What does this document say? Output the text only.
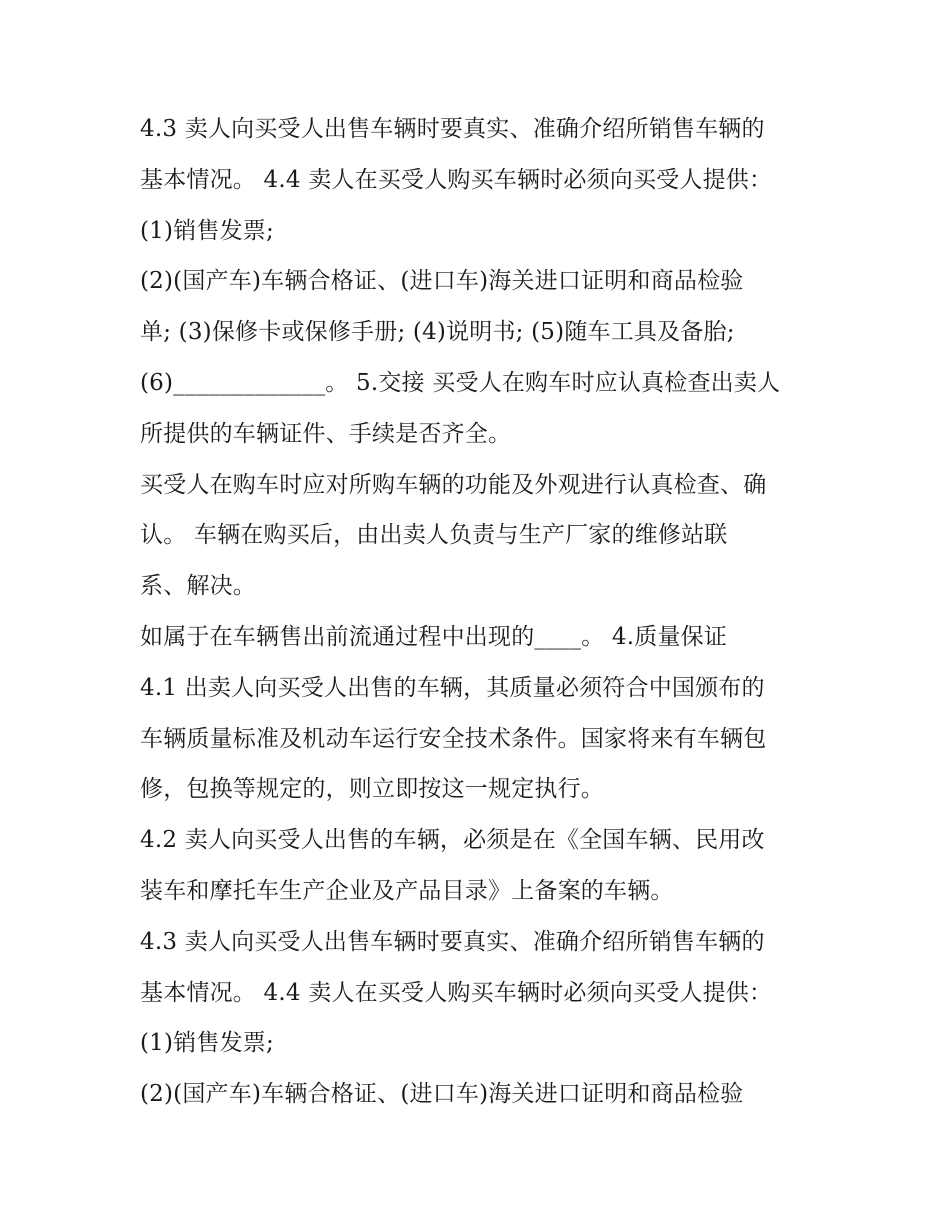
4.3 卖人向买受人出售车辆时要真实、准确介绍所销售车辆的
基本情况。 4.4 卖人在买受人购买车辆时必须向买受人提供：
(1)销售发票;
(2)(国产车)车辆合格证、(进口车)海关进口证明和商品检验
单; (3)保修卡或保修手册; (4)说明书; (5)随车工具及备胎;
(6)_____________。 5.交接 买受人在购车时应认真检查出卖人
所提供的车辆证件、手续是否齐全。
买受人在购车时应对所购车辆的功能及外观进行认真检查、确
认。 车辆在购买后，由出卖人负责与生产厂家的维修站联
系、解决。
如属于在车辆售出前流通过程中出现的____。 4.质量保证
4.1 出卖人向买受人出售的车辆，其质量必须符合中国颁布的
车辆质量标准及机动车运行安全技术条件。国家将来有车辆包
修，包换等规定的，则立即按这一规定执行。
4.2 卖人向买受人出售的车辆，必须是在《全国车辆、民用改
装车和摩托车生产企业及产品目录》上备案的车辆。
4.3 卖人向买受人出售车辆时要真实、准确介绍所销售车辆的
基本情况。 4.4 卖人在买受人购买车辆时必须向买受人提供：
(1)销售发票;
(2)(国产车)车辆合格证、(进口车)海关进口证明和商品检验
